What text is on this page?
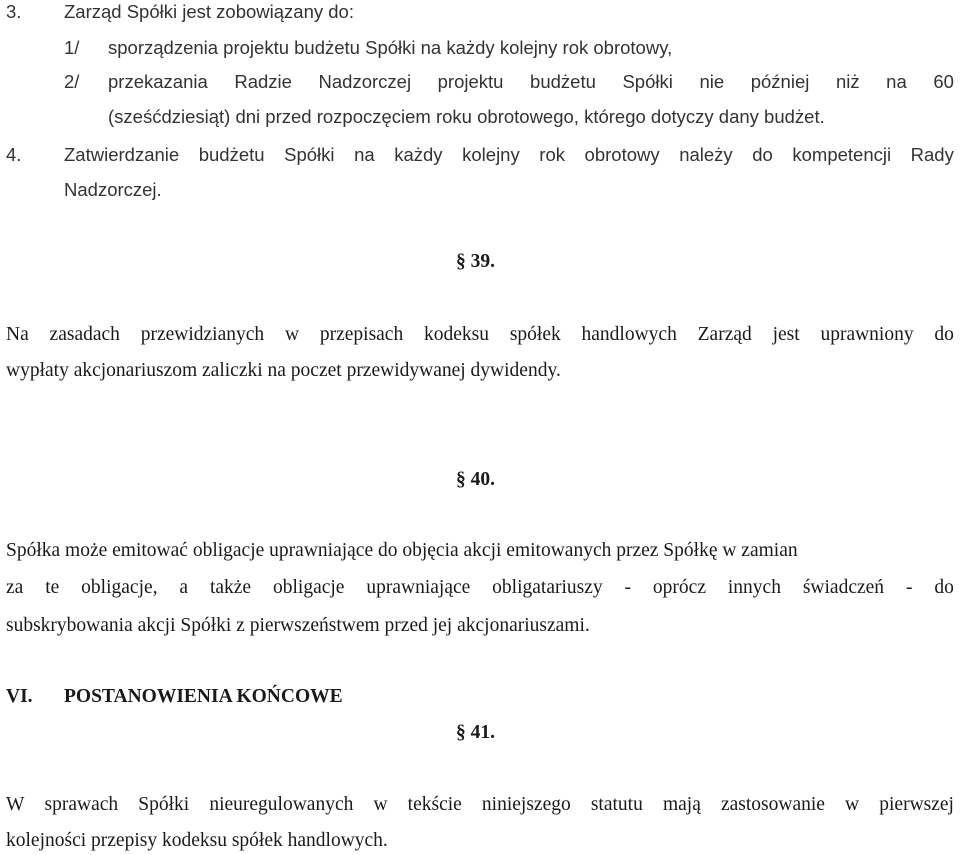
3. Zarząd Spółki jest zobowiązany do:
1/ sporządzenia projektu budżetu Spółki na każdy kolejny rok obrotowy,
2/ przekazania Radzie Nadzorczej projektu budżetu Spółki nie później niż na 60
(sześćdziesiąt) dni przed rozpoczęciem roku obrotowego, którego dotyczy dany budżet.
4. Zatwierdzanie budżetu Spółki na każdy kolejny rok obrotowy należy do kompetencji Rady
Nadzorczej.
§ 39.
Na zasadach przewidzianych w przepisach kodeksu spółek handlowych Zarząd jest uprawniony do
wypłaty akcjonariuszom zaliczki na poczet przewidywanej dywidendy.
§ 40.
Spółka może emitować obligacje uprawniające do objęcia akcji emitowanych przez Spółkę w zamian
za te obligacje, a także obligacje uprawniające obligatariuszy - oprócz innych świadczeń - do
subskrybowania akcji Spółki z pierwszeństwem przed jej akcjonariuszami.
VI. POSTANOWIENIA KOŃCOWE
§ 41.
W sprawach Spółki nieuregulowanych w tekście niniejszego statutu mają zastosowanie w pierwszej
kolejności przepisy kodeksu spółek handlowych.
